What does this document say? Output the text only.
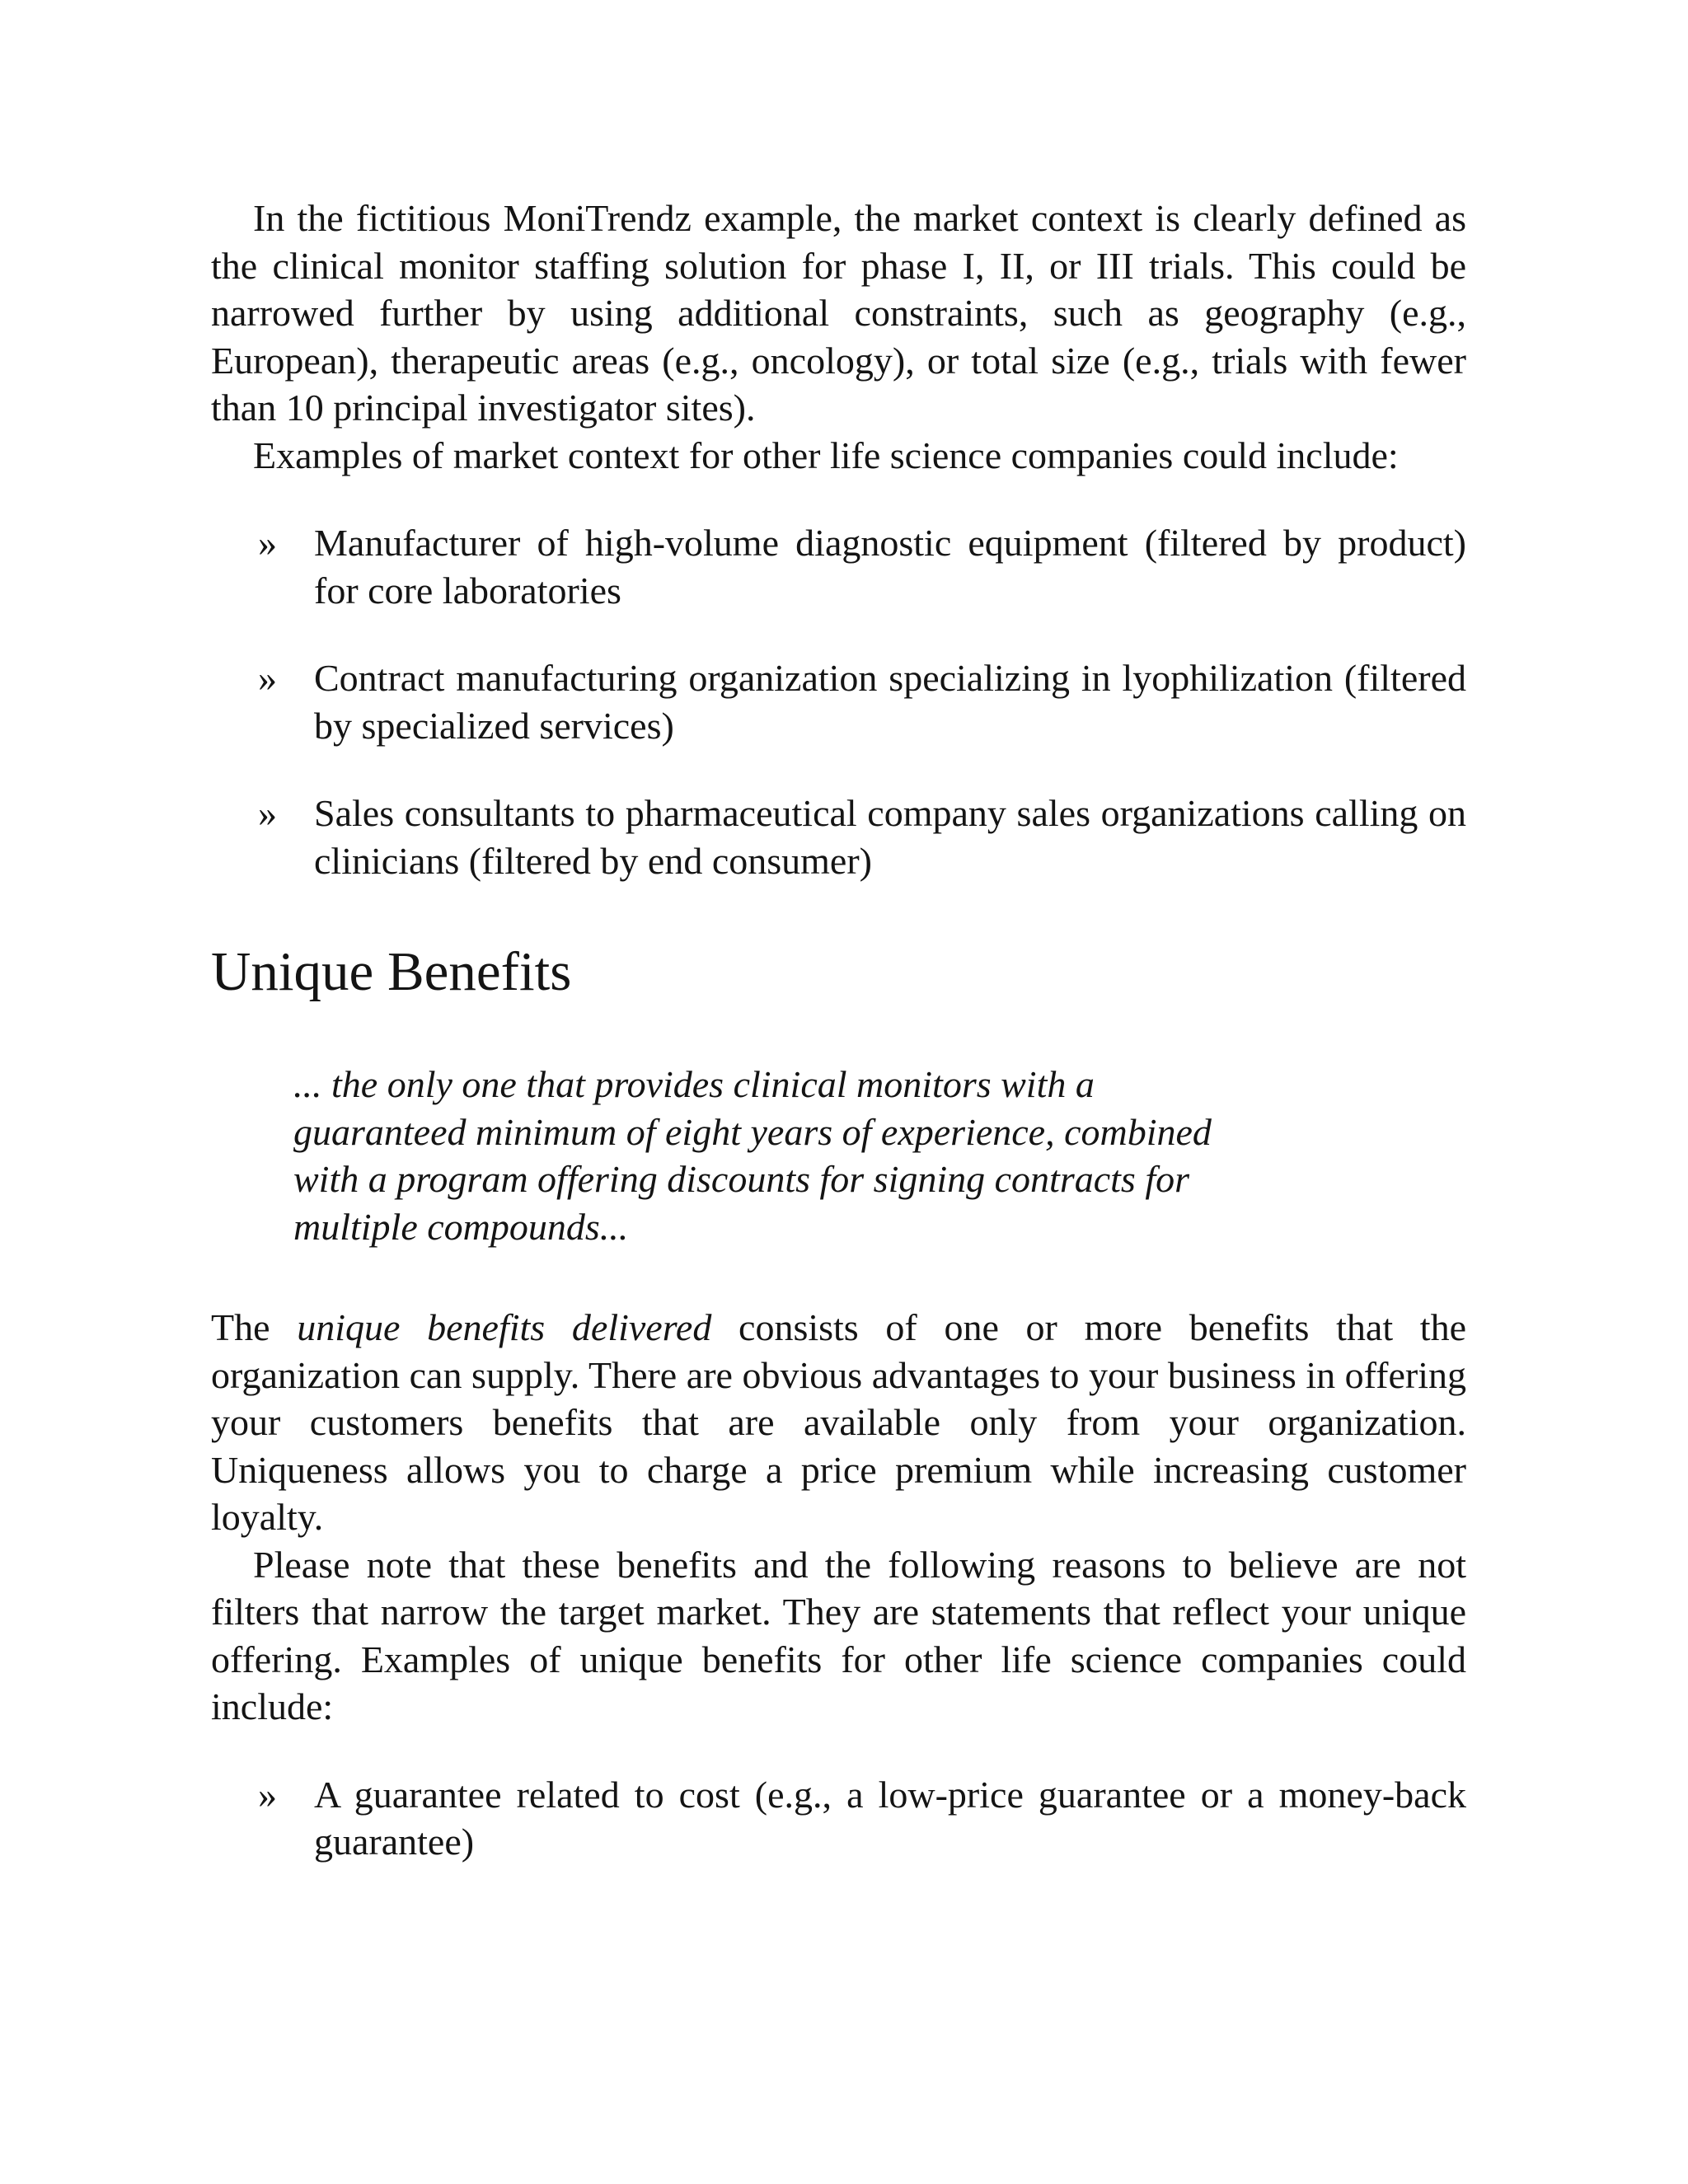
In the fictitious MoniTrendz example, the market context is clearly defined as the clinical monitor staffing solution for phase I, II, or III trials. This could be narrowed further by using additional constraints, such as geography (e.g., European), therapeutic areas (e.g., oncology), or total size (e.g., trials with fewer than 10 principal investigator sites).

Examples of market context for other life science companies could include:

» Manufacturer of high-volume diagnostic equipment (filtered by product) for core laboratories
» Contract manufacturing organization specializing in lyophilization (filtered by specialized services)
» Sales consultants to pharmaceutical company sales organizations calling on clinicians (filtered by end consumer)
Unique Benefits

... the only one that provides clinical monitors with a guaranteed minimum of eight years of experience, combined with a program offering discounts for signing contracts for multiple compounds...

The unique benefits delivered consists of one or more benefits that the organization can supply. There are obvious advantages to your business in offering your customers benefits that are available only from your organization. Uniqueness allows you to charge a price premium while increasing customer loyalty.

Please note that these benefits and the following reasons to believe are not filters that narrow the target market. They are statements that reflect your unique offering. Examples of unique benefits for other life science companies could include:

» A guarantee related to cost (e.g., a low-price guarantee or a money-back guarantee)
